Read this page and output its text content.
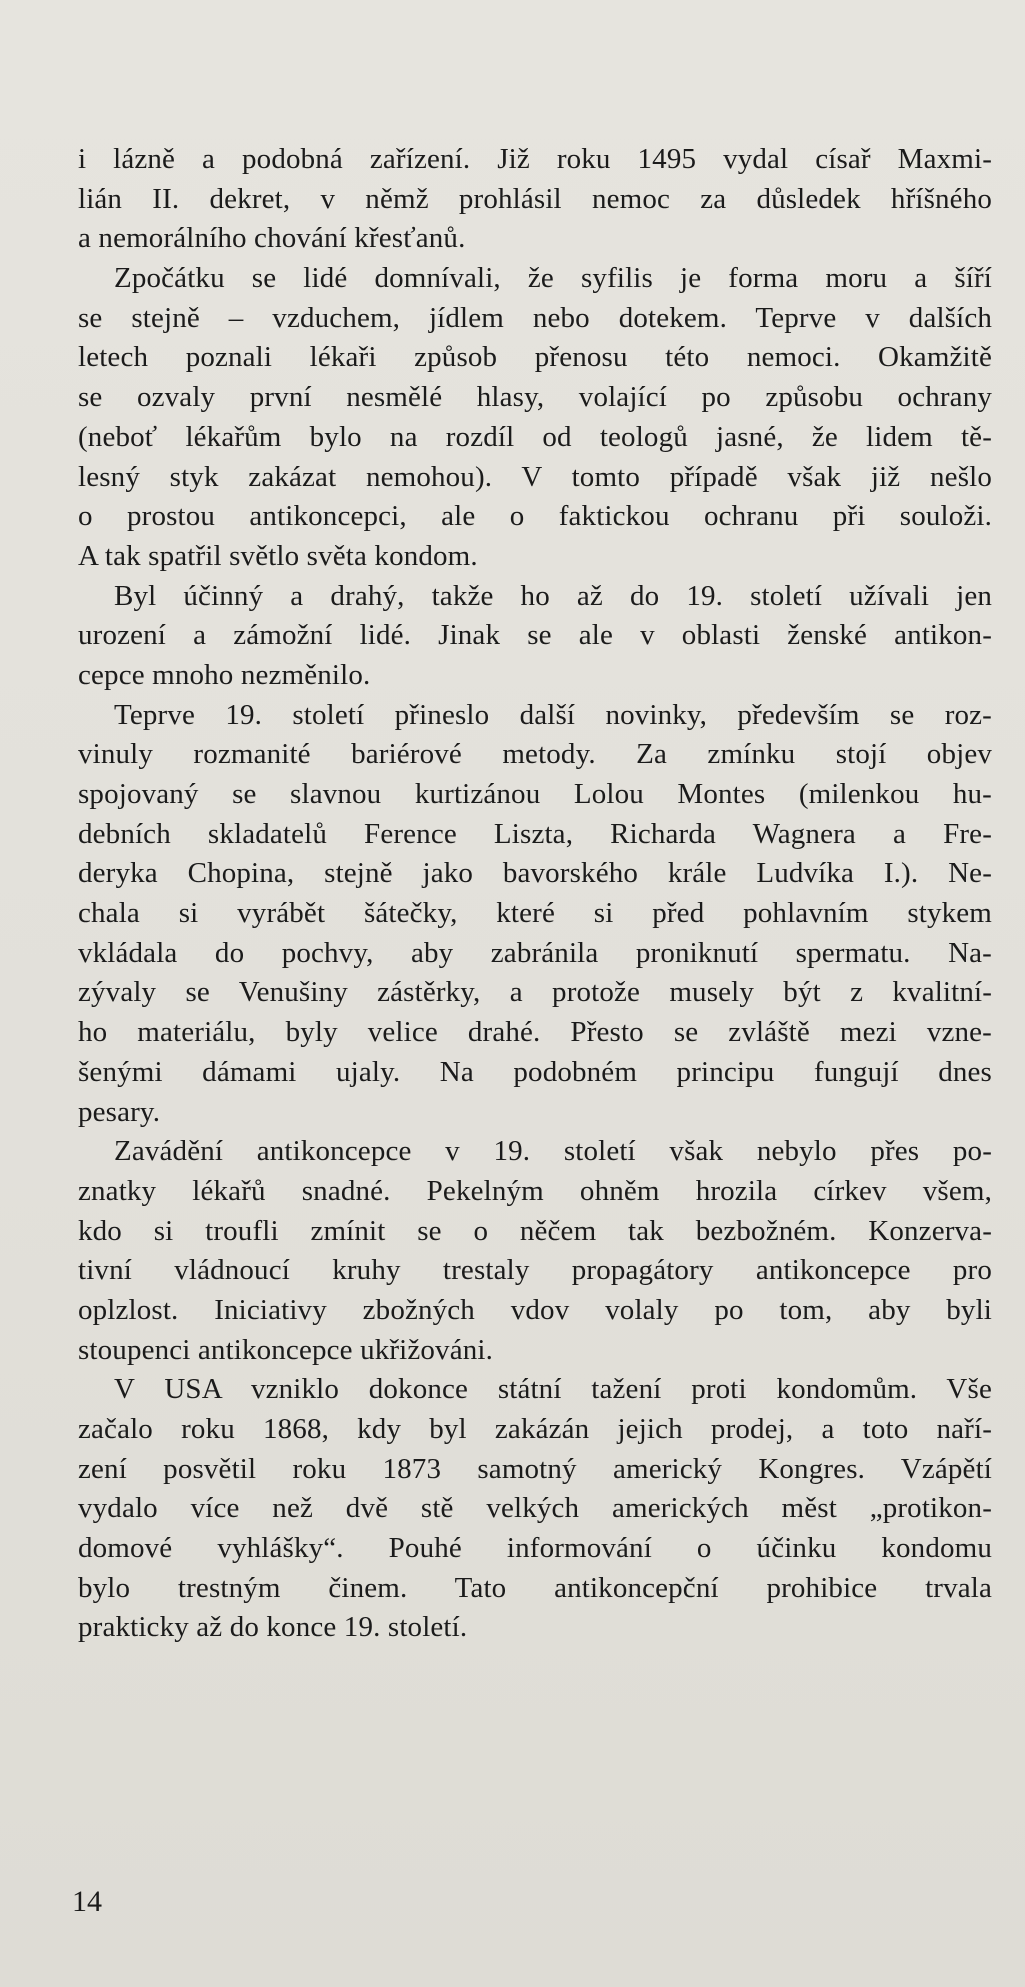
i lázně a podobná zařízení. Již roku 1495 vydal císař Maxmi-
lián II. dekret, v němž prohlásil nemoc za důsledek hříšného
a nemorálního chování křesťanů.
Zpočátku se lidé domnívali, že syfilis je forma moru a šíří
se stejně – vzduchem, jídlem nebo dotekem. Teprve v dalších
letech poznali lékaři způsob přenosu této nemoci. Okamžitě
se ozvaly první nesmělé hlasy, volající po způsobu ochrany
(neboť lékařům bylo na rozdíl od teologů jasné, že lidem tě-
lesný styk zakázat nemohou). V tomto případě však již nešlo
o prostou antikoncepci, ale o faktickou ochranu při souloži.
A tak spatřil světlo světa kondom.
Byl účinný a drahý, takže ho až do 19. století užívali jen
urození a zámožní lidé. Jinak se ale v oblasti ženské antikon-
cepce mnoho nezměnilo.
Teprve 19. století přineslo další novinky, především se roz-
vinuly rozmanité bariérové metody. Za zmínku stojí objev
spojovaný se slavnou kurtizánou Lolou Montes (milenkou hu-
debních skladatelů Ference Liszta, Richarda Wagnera a Fre-
deryka Chopina, stejně jako bavorského krále Ludvíka I.). Ne-
chala si vyrábět šátečky, které si před pohlavním stykem
vkládala do pochvy, aby zabránila proniknutí spermatu. Na-
zývaly se Venušiny zástěrky, a protože musely být z kvalitní-
ho materiálu, byly velice drahé. Přesto se zvláště mezi vzne-
šenými dámami ujaly. Na podobném principu fungují dnes
pesary.
Zavádění antikoncepce v 19. století však nebylo přes po-
znatky lékařů snadné. Pekelným ohněm hrozila církev všem,
kdo si troufli zmínit se o něčem tak bezbožném. Konzerva-
tivní vládnoucí kruhy trestaly propagátory antikoncepce pro
oplzlost. Iniciativy zbožných vdov volaly po tom, aby byli
stoupenci antikoncepce ukřižováni.
V USA vzniklo dokonce státní tažení proti kondomům. Vše
začalo roku 1868, kdy byl zakázán jejich prodej, a toto naří-
zení posvětil roku 1873 samotný americký Kongres. Vzápětí
vydalo více než dvě stě velkých amerických měst „protikon-
domové vyhlášky“. Pouhé informování o účinku kondomu
bylo trestným činem. Tato antikoncepční prohibice trvala
prakticky až do konce 19. století.
14
